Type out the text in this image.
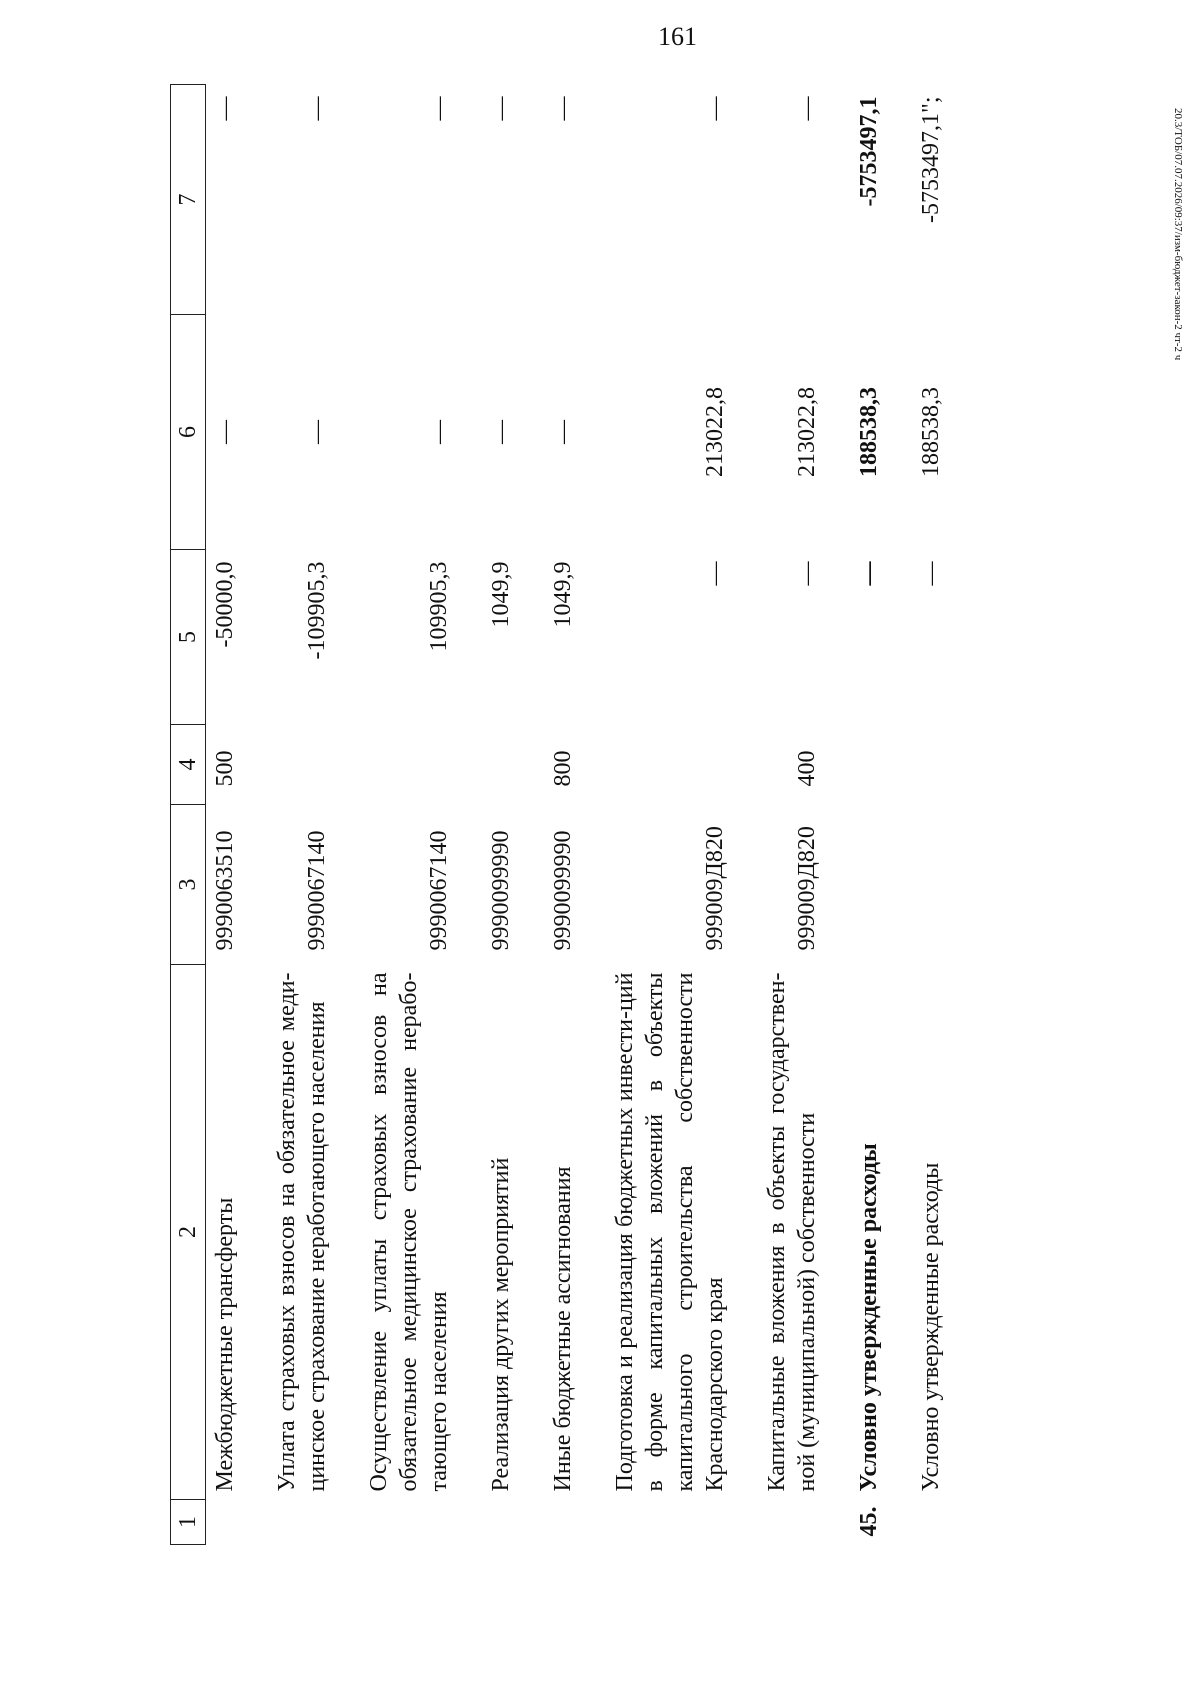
161
20.3/ТОБ/07.07.2026/09:37/изм-бюджет-закон-2 чт-2 ч
1	2	3	4	5	6	7
	Межбюджетные трансферты	9990063510	500	-50000,0	—	—
	Уплата страховых взносов на обязательное меди-цинское страхование неработающего населения	9990067140		-109905,3	—	—
	Осуществление уплаты страховых взносов на обязательное медицинское страхование нерабо-тающего населения	9990067140		109905,3	—	—
	Реализация других мероприятий	9990099990		1049,9	—	—
	Иные бюджетные ассигнования	9990099990	800	1049,9	—	—
	Подготовка и реализация бюджетных инвести-ций в форме капитальных вложений в объекты капитального строительства собственности Краснодарского края	999009Д820		—	213022,8	—
	Капитальные вложения в объекты государствен-ной (муниципальной) собственности	999009Д820	400	—	213022,8	—
45.	Условно утвержденные расходы			—	188538,3	-5753497,1
	Условно утвержденные расходы			—	188538,3	-5753497,1";
